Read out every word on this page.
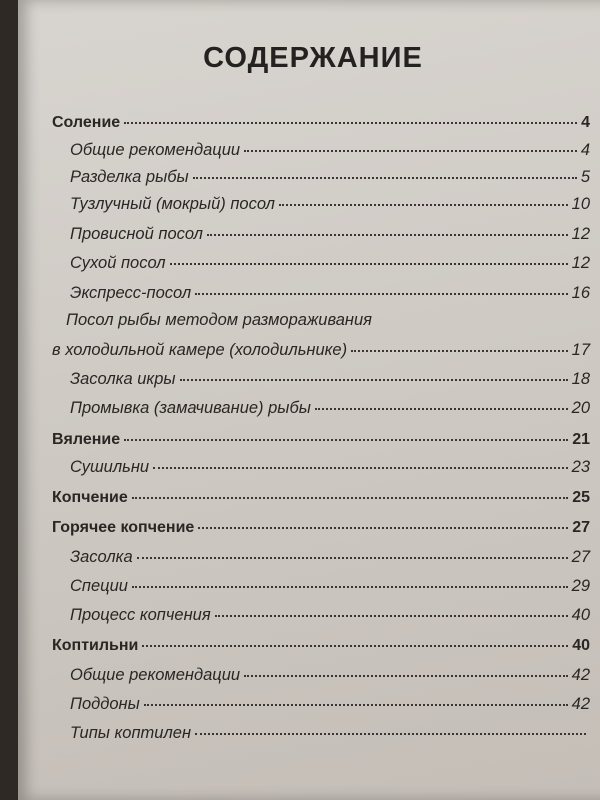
СОДЕРЖАНИЕ
Соление	4
Общие рекомендации	4
Разделка рыбы	5
Тузлучный (мокрый) посол	10
Провисной посол	12
Сухой посол	12
Экспресс-посол	16
Посол рыбы методом размораживания
в холодильной камере (холодильнике)	17
Засолка икры	18
Промывка (замачивание) рыбы	20
Вяление	21
Сушильни	23
Копчение	25
Горячее копчение	27
Засолка	27
Специи	29
Процесс копчения	40
Коптильни	40
Общие рекомендации	42
Поддоны	42
Типы коптилен
